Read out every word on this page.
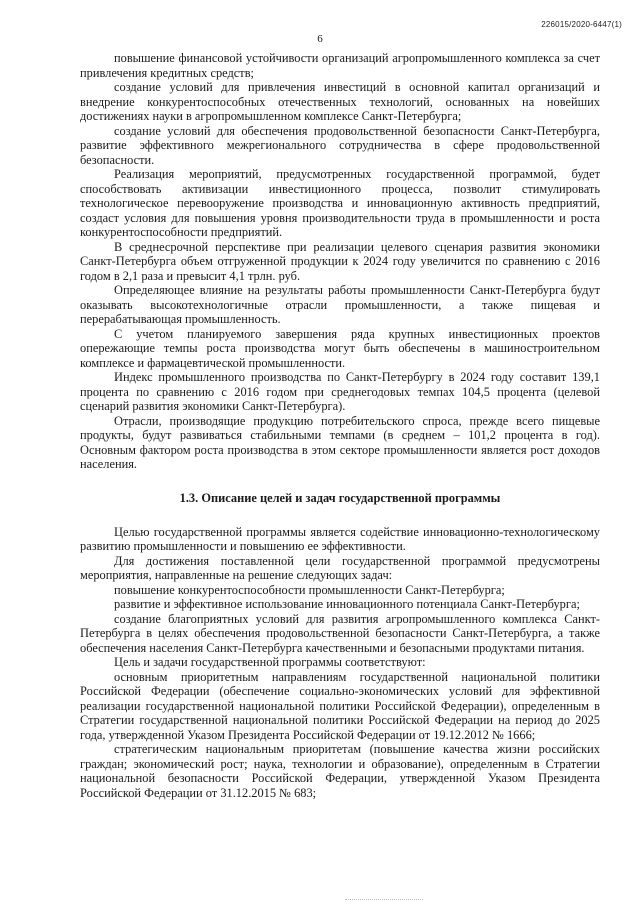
226015/2020-6447(1)
6

повышение финансовой устойчивости организаций агропромышленного комплекса за счет привлечения кредитных средств;

создание условий для привлечения инвестиций в основной капитал организаций и внедрение конкурентоспособных отечественных технологий, основанных на новейших достижениях науки в агропромышленном комплексе Санкт-Петербурга;

создание условий для обеспечения продовольственной безопасности Санкт-Петербурга, развитие эффективного межрегионального сотрудничества в сфере продовольственной безопасности.

Реализация мероприятий, предусмотренных государственной программой, будет способствовать активизации инвестиционного процесса, позволит стимулировать технологическое перевооружение производства и инновационную активность предприятий, создаст условия для повышения уровня производительности труда в промышленности и роста конкурентоспособности предприятий.

В среднесрочной перспективе при реализации целевого сценария развития экономики Санкт-Петербурга объем отгруженной продукции к 2024 году увеличится по сравнению с 2016 годом в 2,1 раза и превысит 4,1 трлн. руб.

Определяющее влияние на результаты работы промышленности Санкт-Петербурга будут оказывать высокотехнологичные отрасли промышленности, а также пищевая и перерабатывающая промышленность.

С учетом планируемого завершения ряда крупных инвестиционных проектов опережающие темпы роста производства могут быть обеспечены в машиностроительном комплексе и фармацевтической промышленности.

Индекс промышленного производства по Санкт-Петербургу в 2024 году составит 139,1 процента по сравнению с 2016 годом при среднегодовых темпах 104,5 процента (целевой сценарий развития экономики Санкт-Петербурга).

Отрасли, производящие продукцию потребительского спроса, прежде всего пищевые продукты, будут развиваться стабильными темпами (в среднем – 101,2 процента в год). Основным фактором роста производства в этом секторе промышленности является рост доходов населения.

1.3. Описание целей и задач государственной программы

Целью государственной программы является содействие инновационно-технологическому развитию промышленности и повышению ее эффективности.

Для достижения поставленной цели государственной программой предусмотрены мероприятия, направленные на решение следующих задач:

повышение конкурентоспособности промышленности Санкт-Петербурга;

развитие и эффективное использование инновационного потенциала Санкт-Петербурга;

создание благоприятных условий для развития агропромышленного комплекса Санкт-Петербурга в целях обеспечения продовольственной безопасности Санкт-Петербурга, а также обеспечения населения Санкт-Петербурга качественными и безопасными продуктами питания.

Цель и задачи государственной программы соответствуют:

основным приоритетным направлениям государственной национальной политики Российской Федерации (обеспечение социально-экономических условий для эффективной реализации государственной национальной политики Российской Федерации), определенным в Стратегии государственной национальной политики Российской Федерации на период до 2025 года, утвержденной Указом Президента Российской Федерации от 19.12.2012 № 1666;

стратегическим национальным приоритетам (повышение качества жизни российских граждан; экономический рост; наука, технологии и образование), определенным в Стратегии национальной безопасности Российской Федерации, утвержденной Указом Президента Российской Федерации от 31.12.2015 № 683;
